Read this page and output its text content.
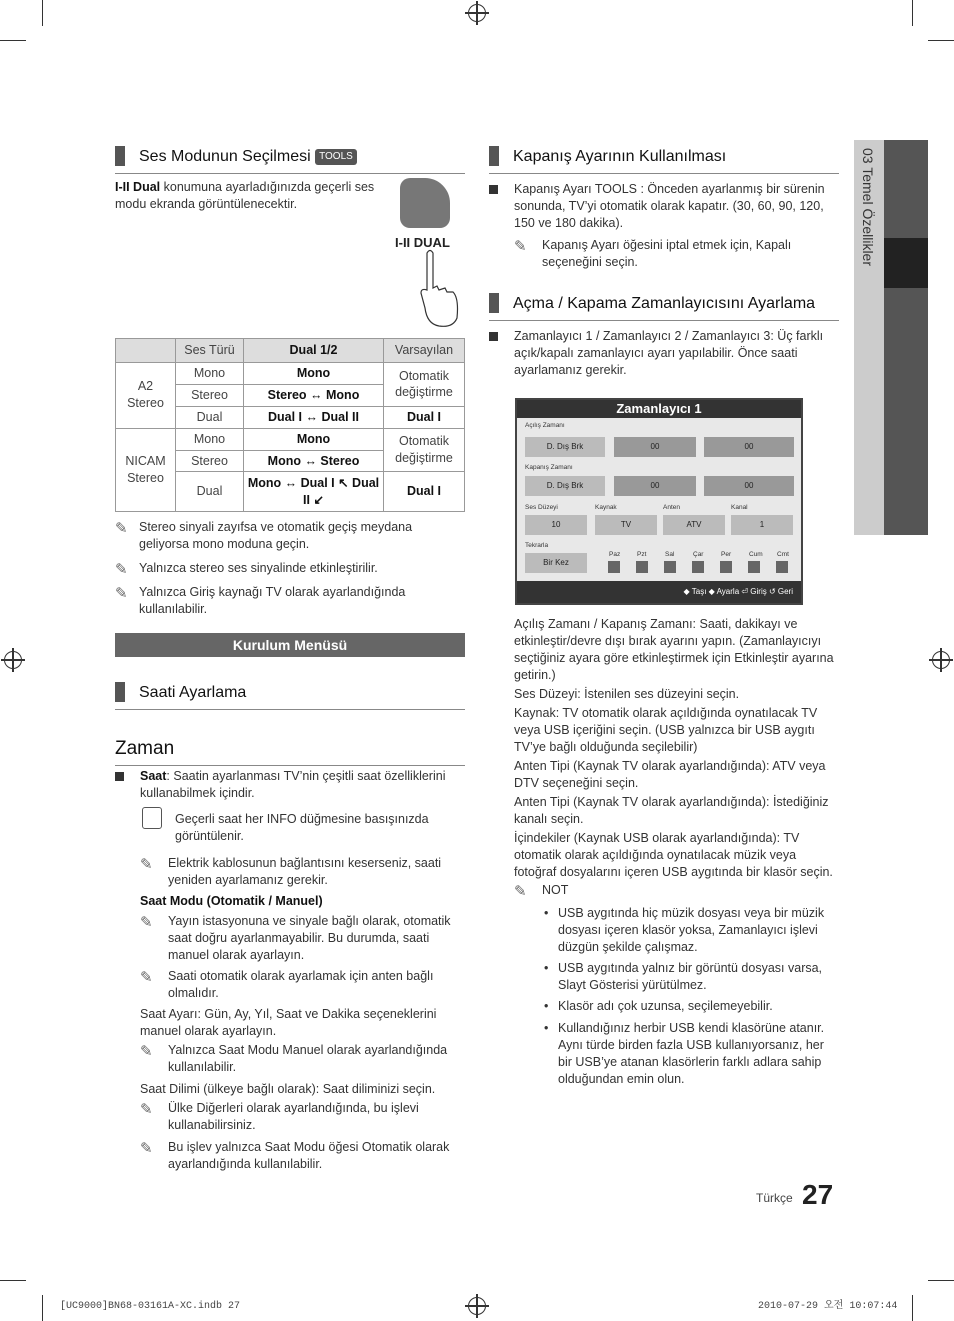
03 Temel Özellikler
Ses Modunun Seçilmesi TOOLS
I-II Dual konumuna ayarladığınızda geçerli ses modu ekranda görüntülenecektir.
I-II DUAL
	Ses Türü	Dual 1/2	Varsayılan
A2 Stereo	Mono	Mono	Otomatik değiştirme
	Stereo	Stereo ↔ Mono	
	Dual	Dual I ↔ Dual II	Dual I
NICAM Stereo	Mono	Mono	Otomatik değiştirme
	Stereo	Mono ↔ Stereo	
	Dual	Mono ↔ Dual I ↖ Dual II ↙	Dual I
✎ Stereo sinyali zayıfsa ve otomatik geçiş meydana geliyorsa mono moduna geçin.
✎ Yalnızca stereo ses sinyalinde etkinleştirilir.
✎ Yalnızca Giriş kaynağı TV olarak ayarlandığında kullanılabilir.
Kurulum Menüsü
Saati Ayarlama
Zaman
Saat: Saatin ayarlanması TV’nin çeşitli saat özelliklerini kullanabilmek içindir.
Geçerli saat her INFO düğmesine basışınızda görüntülenir.
✎ Elektrik kablosunun bağlantısını keserseniz, saati yeniden ayarlamanız gerekir.
Saat Modu (Otomatik / Manuel)
✎ Yayın istasyonuna ve sinyale bağlı olarak, otomatik saat doğru ayarlanmayabilir. Bu durumda, saati manuel olarak ayarlayın.
✎ Saati otomatik olarak ayarlamak için anten bağlı olmalıdır.
Saat Ayarı: Gün, Ay, Yıl, Saat ve Dakika seçeneklerini manuel olarak ayarlayın.
✎ Yalnızca Saat Modu Manuel olarak ayarlandığında kullanılabilir.
Saat Dilimi (ülkeye bağlı olarak): Saat diliminizi seçin.
✎ Ülke Diğerleri olarak ayarlandığında, bu işlevi kullanabilirsiniz.
✎ Bu işlev yalnızca Saat Modu öğesi Otomatik olarak ayarlandığında kullanılabilir.
Kapanış Ayarının Kullanılması
Kapanış Ayarı TOOLS : Önceden ayarlanmış bir sürenin sonunda, TV’yi otomatik olarak kapatır. (30, 60, 90, 120, 150 ve 180 dakika).
✎ Kapanış Ayarı öğesini iptal etmek için, Kapalı seçeneğini seçin.
Açma / Kapama Zamanlayıcısını Ayarlama
Zamanlayıcı 1 / Zamanlayıcı 2 / Zamanlayıcı 3: Üç farklı açık/kapalı zamanlayıcı ayarı yapılabilir. Önce saati ayarlamanız gerekir.
Zamanlayıcı 1
Açılış Zamanı
D. Dış Brk	00	00
Kapanış Zamanı
D. Dış Brk	00	00
Ses Düzeyi	Kaynak	Anten	Kanal
10	TV	ATV	1
Tekrarla
Bir Kez
Paz	Pzt	Sal	Çar	Per	Cum Cmt
◆ Taşı ◆ Ayarla ⏎ Giriş ↺ Geri
Açılış Zamanı / Kapanış Zamanı: Saati, dakikayı ve etkinleştir/devre dışı bırak ayarını yapın. (Zamanlayıcıyı seçtiğiniz ayara göre etkinleştirmek için Etkinleştir ayarına getirin.)
Ses Düzeyi: İstenilen ses düzeyini seçin.
Kaynak: TV otomatik olarak açıldığında oynatılacak TV veya USB içeriğini seçin. (USB yalnızca bir USB aygıtı TV’ye bağlı olduğunda seçilebilir)
Anten Tipi (Kaynak TV olarak ayarlandığında): ATV veya DTV seçeneğini seçin.
Anten Tipi (Kaynak TV olarak ayarlandığında): İstediğiniz kanalı seçin.
İçindekiler (Kaynak USB olarak ayarlandığında): TV otomatik olarak açıldığında oynatılacak müzik veya fotoğraf dosyalarını içeren USB aygıtında bir klasör seçin.
✎ NOT
• USB aygıtında hiç müzik dosyası veya bir müzik dosyası içeren klasör yoksa, Zamanlayıcı işlevi düzgün şekilde çalışmaz.
• USB aygıtında yalnız bir görüntü dosyası varsa, Slayt Gösterisi yürütülmez.
• Klasör adı çok uzunsa, seçilemeyebilir.
• Kullandığınız herbir USB kendi klasörüne atanır. Aynı türde birden fazla USB kullanıyorsanız, her bir USB’ye atanan klasörlerin farklı adlara sahip olduğundan emin olun.
Türkçe 27
[UC9000]BN68-03161A-XC.indb 27	2010-07-29 오전 10:07:44
